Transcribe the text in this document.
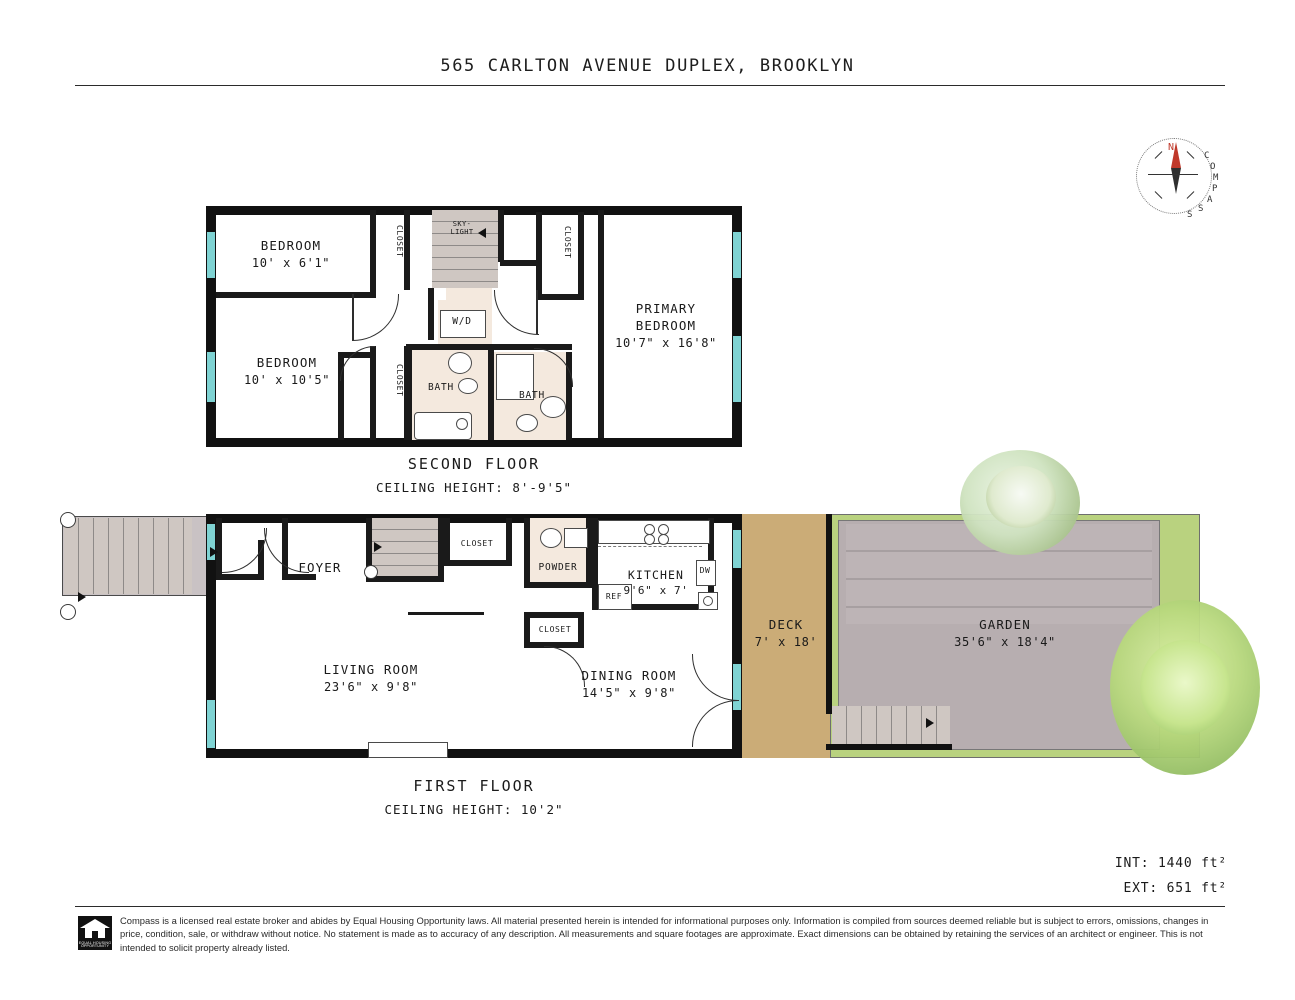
565 CARLTON AVENUE DUPLEX, BROOKLYN
N
C
O
M
P
A
S
S
SKY-
LIGHT
W/D
CLOSET
CLOSET
CLOSET
BATH
BATH
BEDROOM
10' x 6'1"
BEDROOM
10' x 10'5"
PRIMARY
BEDROOM
10'7" x 16'8"
SECOND FLOOR
CEILING HEIGHT: 8'-9'5"
CLOSET
POWDER
CLOSET
REF
DW
FOYER
LIVING ROOM
23'6" x 9'8"
DINING ROOM
14'5" x 9'8"
KITCHEN
9'6" x 7'
DECK
7' x 18'
GARDEN
35'6" x 18'4"
FIRST FLOOR
CEILING HEIGHT: 10'2"
INT: 1440 ft²
EXT: 651 ft²
EQUAL HOUSING
OPPORTUNITY
Compass is a licensed real estate broker and abides by Equal Housing Opportunity laws. All material presented herein is intended for informational purposes only. Information is compiled from sources deemed reliable but is subject to errors, omissions, changes in price, condition, sale, or withdraw without notice. No statement is made as to accuracy of any description. All measurements and square footages are approximate. Exact dimensions can be obtained by retaining the services of an architect or engineer. This is not intended to solicit property already listed.
